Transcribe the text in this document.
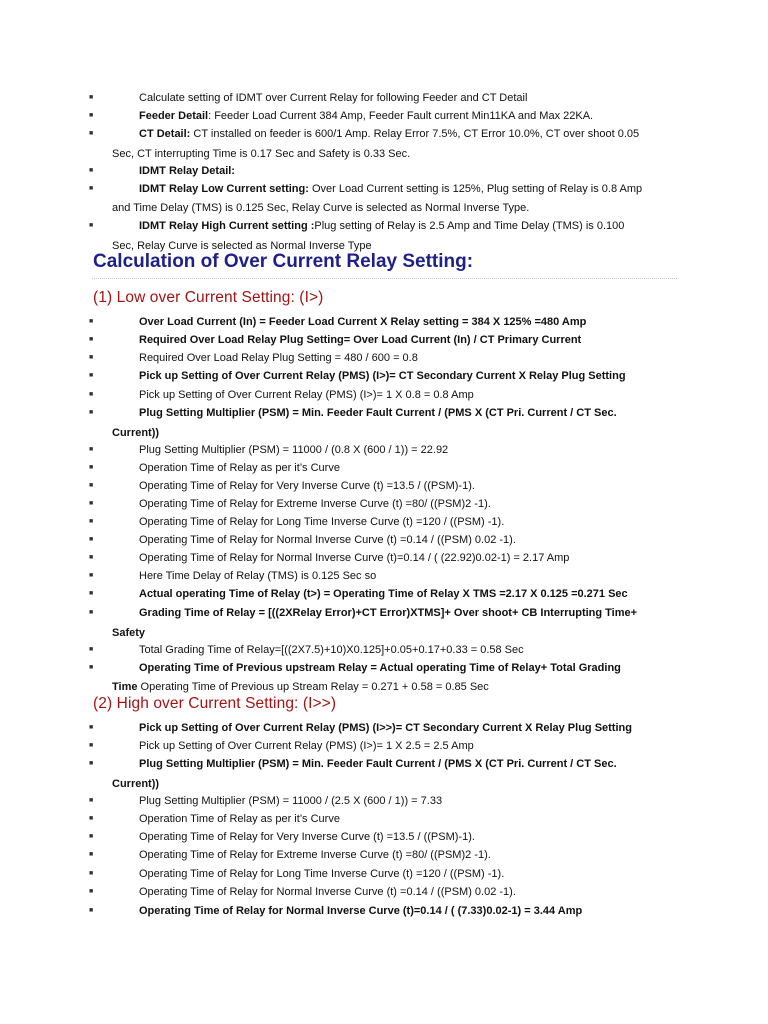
■	Calculate setting of IDMT over Current Relay for following Feeder and CT Detail
■	Feeder Detail: Feeder Load Current 384 Amp, Feeder Fault current Min11KA and Max 22KA.
■	CT Detail: CT installed on feeder is 600/1 Amp. Relay Error 7.5%, CT Error 10.0%, CT over shoot 0.05
Sec, CT interrupting Time is 0.17 Sec and Safety is 0.33 Sec.
■	IDMT Relay Detail:
■	IDMT Relay Low Current setting: Over Load Current setting is 125%, Plug setting of Relay is 0.8 Amp
and Time Delay (TMS) is 0.125 Sec, Relay Curve is selected as Normal Inverse Type.
■	IDMT Relay High Current setting :Plug setting of Relay is 2.5 Amp and Time Delay (TMS) is 0.100
Sec, Relay Curve is selected as Normal Inverse Type
Calculation of Over Current Relay Setting:
(1) Low over Current Setting: (I>)
■	Over Load Current (In) = Feeder Load Current X Relay setting = 384 X 125% =480 Amp
■	Required Over Load Relay Plug Setting= Over Load Current (In) / CT Primary Current
■	Required Over Load Relay Plug Setting = 480 / 600 = 0.8
■	Pick up Setting of Over Current Relay (PMS) (I>)= CT Secondary Current X Relay Plug Setting
■	Pick up Setting of Over Current Relay (PMS) (I>)= 1 X 0.8 = 0.8 Amp
■	Plug Setting Multiplier (PSM) = Min. Feeder Fault Current / (PMS X (CT Pri. Current / CT Sec.
Current))
■	Plug Setting Multiplier (PSM) = 11000 / (0.8 X (600 / 1)) = 22.92
■	Operation Time of Relay as per it’s Curve
■	Operating Time of Relay for Very Inverse Curve (t) =13.5 / ((PSM)-1).
■	Operating Time of Relay for Extreme Inverse Curve (t) =80/ ((PSM)2 -1).
■	Operating Time of Relay for Long Time Inverse Curve (t) =120 / ((PSM) -1).
■	Operating Time of Relay for Normal Inverse Curve (t) =0.14 / ((PSM) 0.02 -1).
■	Operating Time of Relay for Normal Inverse Curve (t)=0.14 / ( (22.92)0.02-1) = 2.17 Amp
■	Here Time Delay of Relay (TMS) is 0.125 Sec so
■	Actual operating Time of Relay (t>) = Operating Time of Relay X TMS =2.17 X 0.125 =0.271 Sec
■	Grading Time of Relay = [((2XRelay Error)+CT Error)XTMS]+ Over shoot+ CB Interrupting Time+
Safety
■	Total Grading Time of Relay=[((2X7.5)+10)X0.125]+0.05+0.17+0.33 = 0.58 Sec
■	Operating Time of Previous upstream Relay = Actual operating Time of Relay+ Total Grading
Time Operating Time of Previous up Stream Relay = 0.271 + 0.58 = 0.85 Sec
(2) High over Current Setting: (I>>)
■	Pick up Setting of Over Current Relay (PMS) (I>>)= CT Secondary Current X Relay Plug Setting
■	Pick up Setting of Over Current Relay (PMS) (I>)= 1 X 2.5 = 2.5 Amp
■	Plug Setting Multiplier (PSM) = Min. Feeder Fault Current / (PMS X (CT Pri. Current / CT Sec.
Current))
■	Plug Setting Multiplier (PSM) = 11000 / (2.5 X (600 / 1)) = 7.33
■	Operation Time of Relay as per it’s Curve
■	Operating Time of Relay for Very Inverse Curve (t) =13.5 / ((PSM)-1).
■	Operating Time of Relay for Extreme Inverse Curve (t) =80/ ((PSM)2 -1).
■	Operating Time of Relay for Long Time Inverse Curve (t) =120 / ((PSM) -1).
■	Operating Time of Relay for Normal Inverse Curve (t) =0.14 / ((PSM) 0.02 -1).
■	Operating Time of Relay for Normal Inverse Curve (t)=0.14 / ( (7.33)0.02-1) = 3.44 Amp
